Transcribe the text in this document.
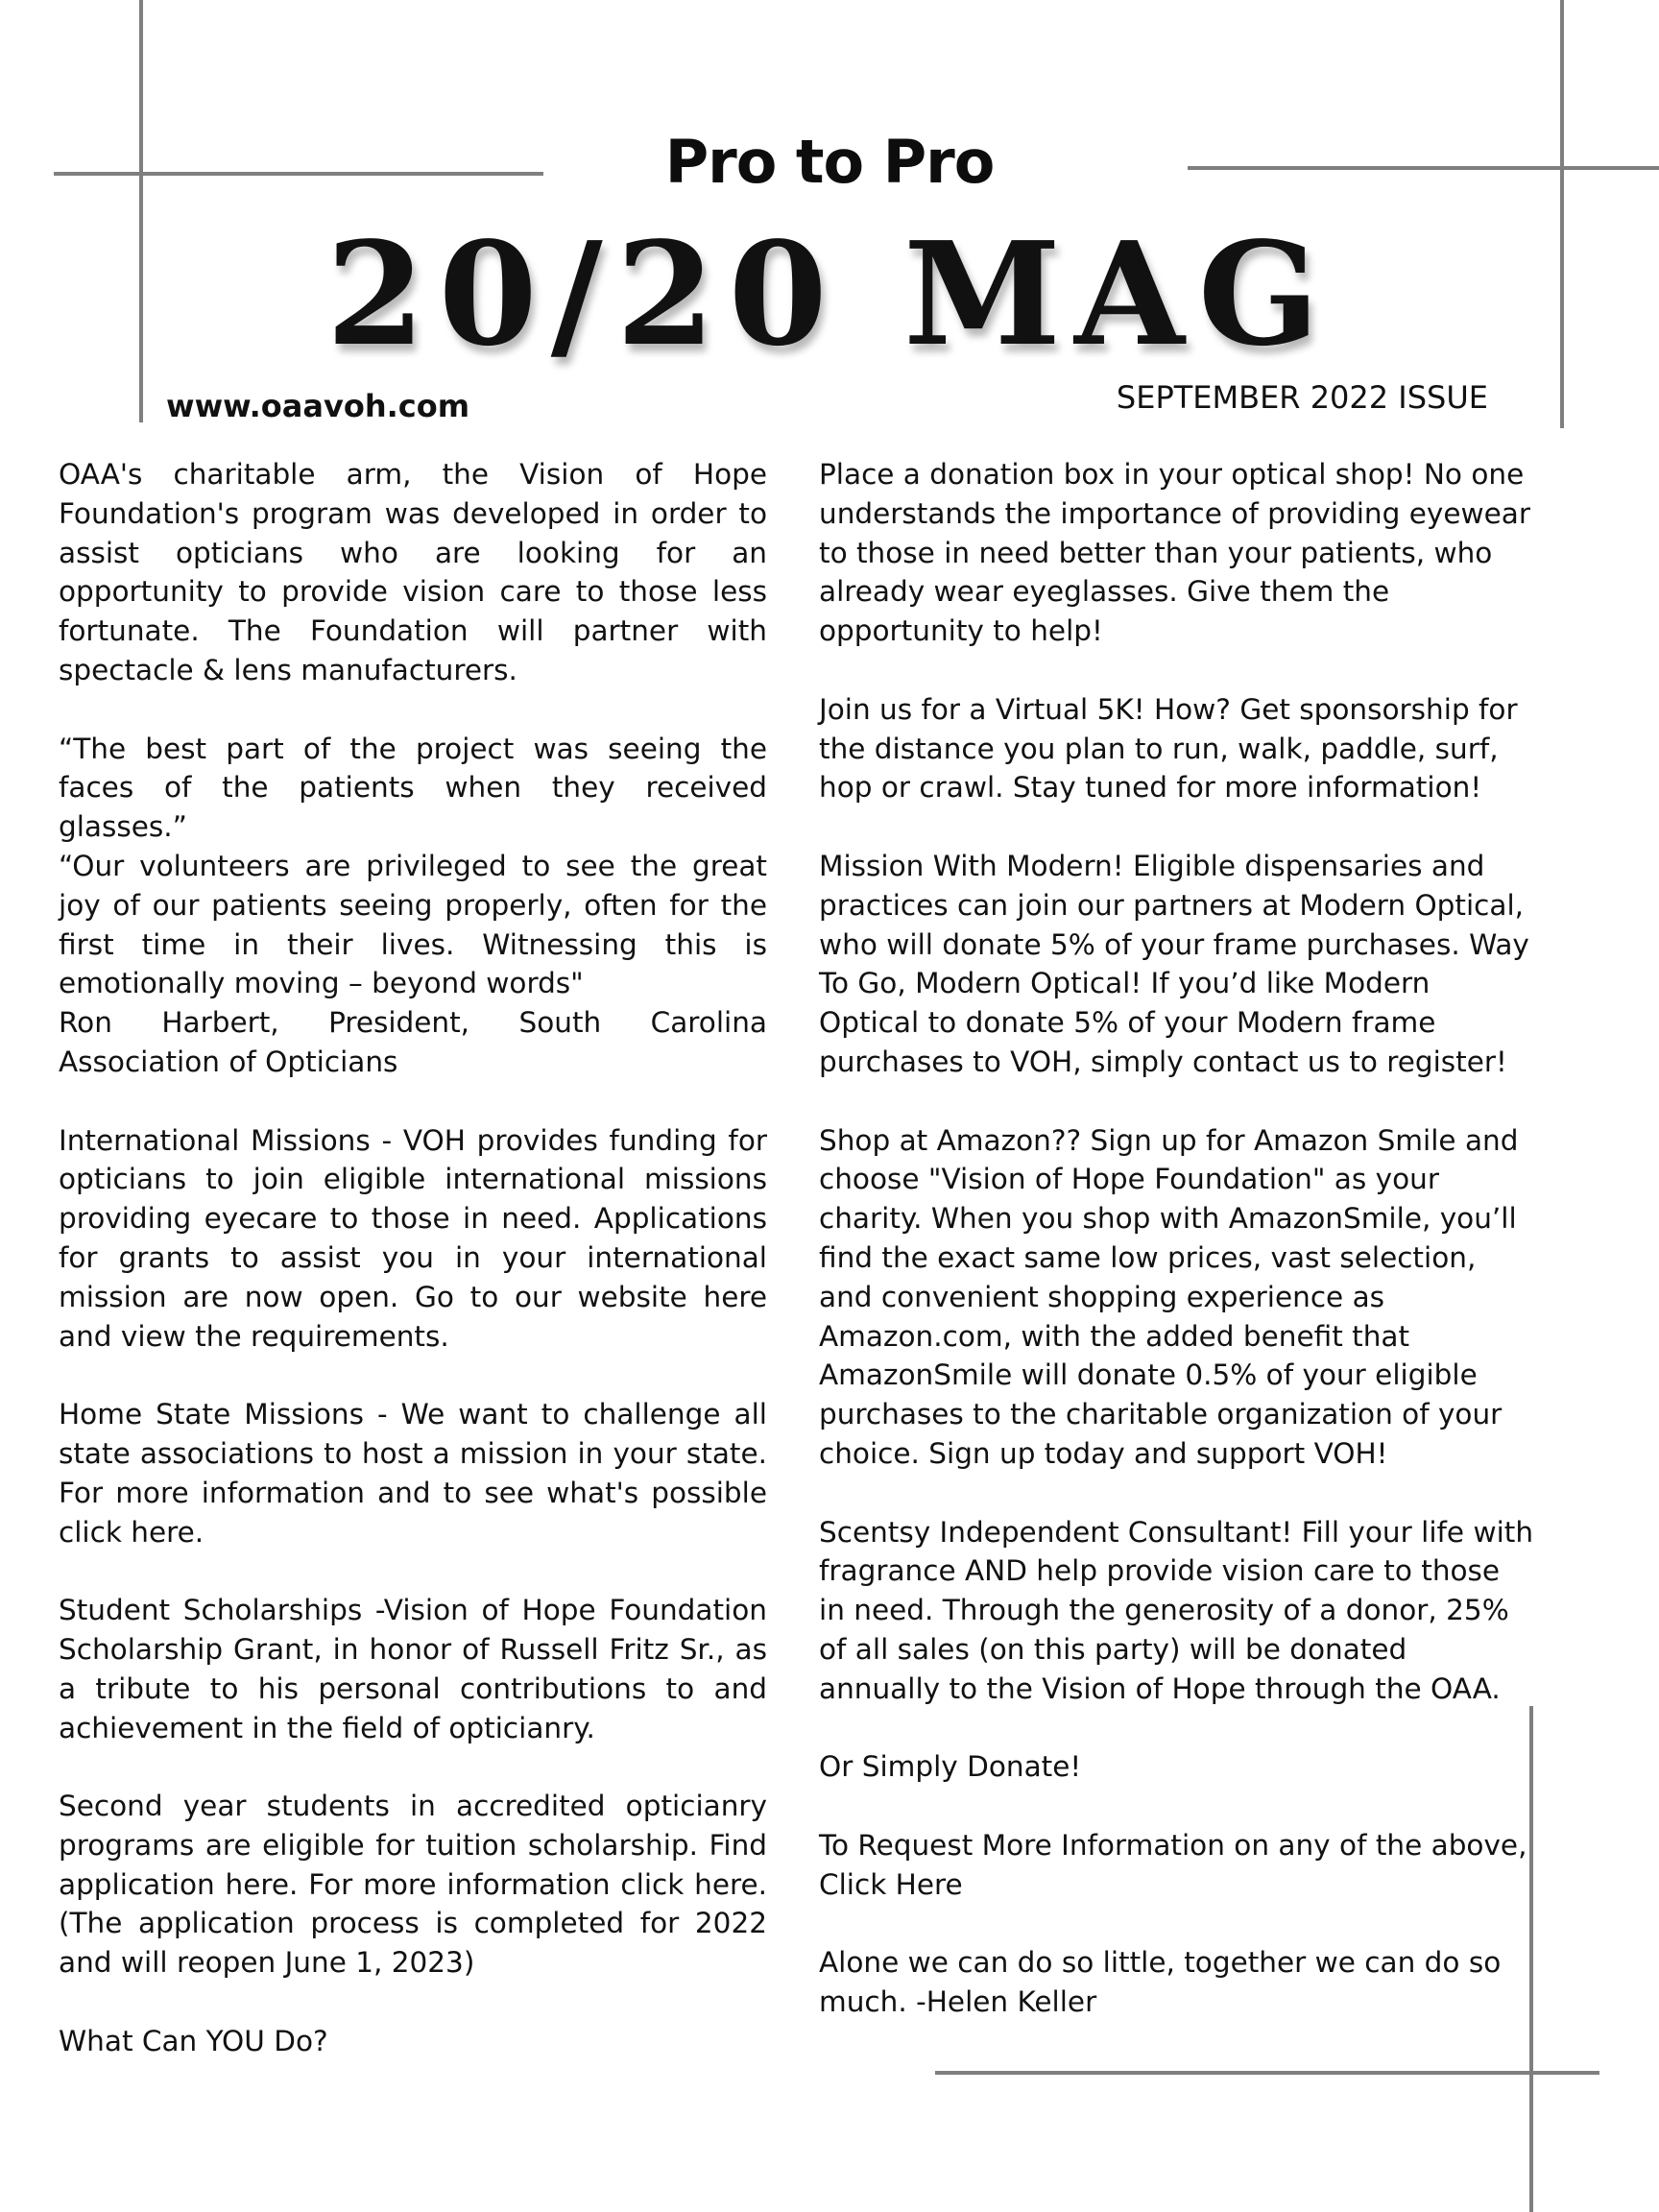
Pro to Pro
20/20 MAG
www.oaavoh.com	SEPTEMBER 2022 ISSUE

OAA's charitable arm, the Vision of Hope Foundation's program was developed in order to assist opticians who are looking for an opportunity to provide vision care to those less fortunate. The Foundation will partner with spectacle & lens manufacturers.

“The best part of the project was seeing the faces of the patients when they received glasses.”
“Our volunteers are privileged to see the great joy of our patients seeing properly, often for the first time in their lives. Witnessing this is emotionally moving – beyond words"
Ron Harbert, President, South Carolina Association of Opticians

International Missions - VOH provides funding for opticians to join eligible international missions providing eyecare to those in need. Applications for grants to assist you in your international mission are now open. Go to our website here and view the requirements.

Home State Missions - We want to challenge all state associations to host a mission in your state. For more information and to see what's possible click here.

Student Scholarships -Vision of Hope Foundation Scholarship Grant, in honor of Russell Fritz Sr., as a tribute to his personal contributions to and achievement in the field of opticianry.

Second year students in accredited opticianry programs are eligible for tuition scholarship. Find application here. For more information click here. (The application process is completed for 2022 and will reopen June 1, 2023)

What Can YOU Do?

Place a donation box in your optical shop! No one understands the importance of providing eyewear to those in need better than your patients, who already wear eyeglasses. Give them the opportunity to help!

Join us for a Virtual 5K! How? Get sponsorship for the distance you plan to run, walk, paddle, surf, hop or crawl. Stay tuned for more information!

Mission With Modern! Eligible dispensaries and practices can join our partners at Modern Optical, who will donate 5% of your frame purchases. Way To Go, Modern Optical! If you’d like Modern Optical to donate 5% of your Modern frame purchases to VOH, simply contact us to register!

Shop at Amazon?? Sign up for Amazon Smile and choose "Vision of Hope Foundation" as your charity. When you shop with AmazonSmile, you’ll find the exact same low prices, vast selection, and convenient shopping experience as Amazon.com, with the added benefit that AmazonSmile will donate 0.5% of your eligible purchases to the charitable organization of your choice. Sign up today and support VOH!

Scentsy Independent Consultant! Fill your life with fragrance AND help provide vision care to those in need. Through the generosity of a donor, 25% of all sales (on this party) will be donated annually to the Vision of Hope through the OAA.

Or Simply Donate!

To Request More Information on any of the above, Click Here

Alone we can do so little, together we can do so much. -Helen Keller
